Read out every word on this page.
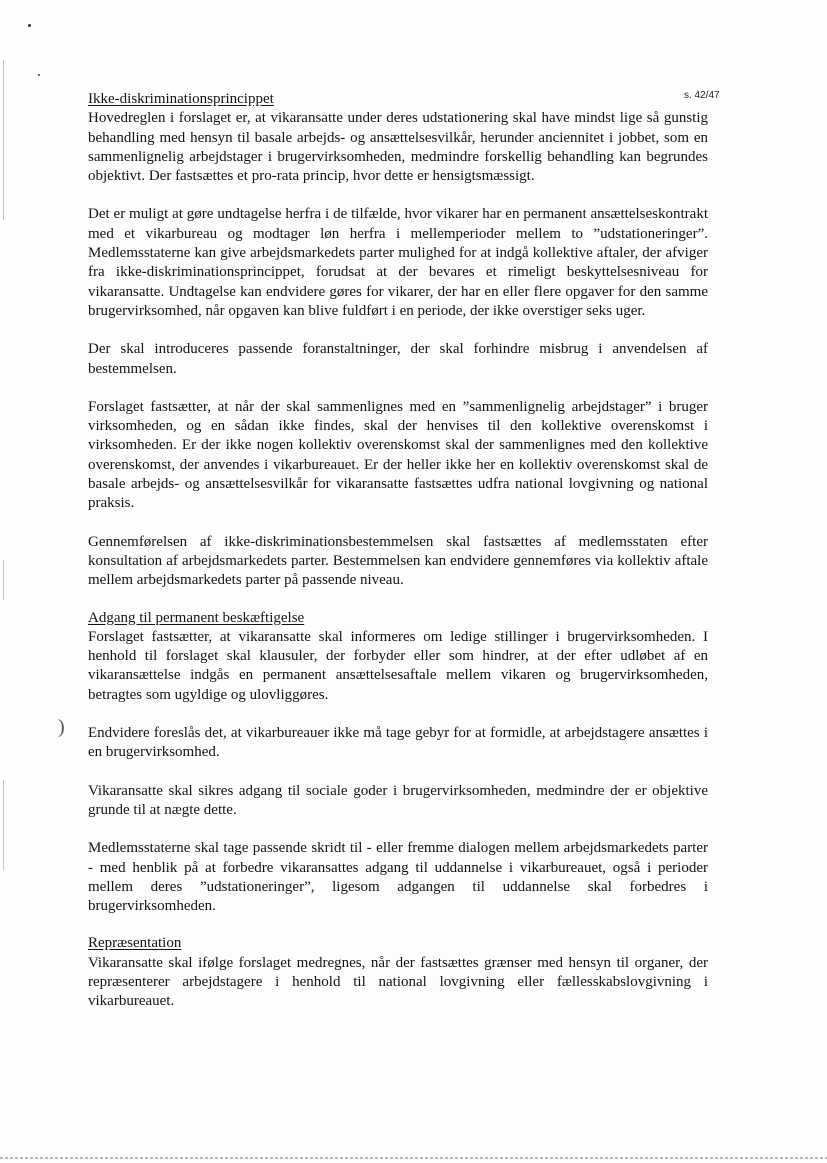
)
s. 42/47
Ikke-diskriminationsprincippet

Hovedreglen i forslaget er, at vikaransatte under deres udstationering skal have mindst lige så gunstig behandling med hensyn til basale arbejds- og ansættelsesvilkår, herunder anciennitet i jobbet, som en sammenlignelig arbejdstager i brugervirksomheden, medmindre forskellig behandling kan begrundes objektivt. Der fastsættes et pro-rata princip, hvor dette er hensigtsmæssigt.

Det er muligt at gøre undtagelse herfra i de tilfælde, hvor vikarer har en permanent ansættelseskontrakt med et vikarbureau og modtager løn herfra i mellemperioder mellem to ”udstationeringer”. Medlemsstaterne kan give arbejdsmarkedets parter mulighed for at indgå kollektive aftaler, der afviger fra ikke-diskriminationsprincippet, forudsat at der bevares et rimeligt beskyttelsesniveau for vikaransatte. Undtagelse kan endvidere gøres for vikarer, der har en eller flere opgaver for den samme brugervirksomhed, når opgaven kan blive fuldført i en periode, der ikke overstiger seks uger.

Der skal introduceres passende foranstaltninger, der skal forhindre misbrug i anvendelsen af bestemmelsen.

Forslaget fastsætter, at når der skal sammenlignes med en ”sammenlignelig arbejdstager” i bruger virksomheden, og en sådan ikke findes, skal der henvises til den kollektive overenskomst i virksomheden. Er der ikke nogen kollektiv overenskomst skal der sammenlignes med den kollektive overenskomst, der anvendes i vikarbureauet. Er der heller ikke her en kollektiv overenskomst skal de basale arbejds- og ansættelsesvilkår for vikaransatte fastsættes udfra national lovgivning og national praksis.

Gennemførelsen af ikke-diskriminationsbestemmelsen skal fastsættes af medlemsstaten efter konsultation af arbejdsmarkedets parter. Bestemmelsen kan endvidere gennemføres via kollektiv aftale mellem arbejdsmarkedets parter på passende niveau.

Adgang til permanent beskæftigelse

Forslaget fastsætter, at vikaransatte skal informeres om ledige stillinger i brugervirksomheden. I henhold til forslaget skal klausuler, der forbyder eller som hindrer, at der efter udløbet af en vikaransættelse indgås en permanent ansættelsesaftale mellem vikaren og brugervirksomheden, betragtes som ugyldige og ulovliggøres.

Endvidere foreslås det, at vikarbureauer ikke må tage gebyr for at formidle, at arbejdstagere ansættes i en brugervirksomhed.

Vikaransatte skal sikres adgang til sociale goder i brugervirksomheden, medmindre der er objektive grunde til at nægte dette.

Medlemsstaterne skal tage passende skridt til - eller fremme dialogen mellem arbejdsmarkedets parter - med henblik på at forbedre vikaransattes adgang til uddannelse i vikarbureauet, også i perioder mellem deres ”udstationeringer”, ligesom adgangen til uddannelse skal forbedres i brugervirksomheden.

Repræsentation

Vikaransatte skal ifølge forslaget medregnes, når der fastsættes grænser med hensyn til organer, der repræsenterer arbejdstagere i henhold til national lovgivning eller fællesskabslovgivning i vikarbureauet.
